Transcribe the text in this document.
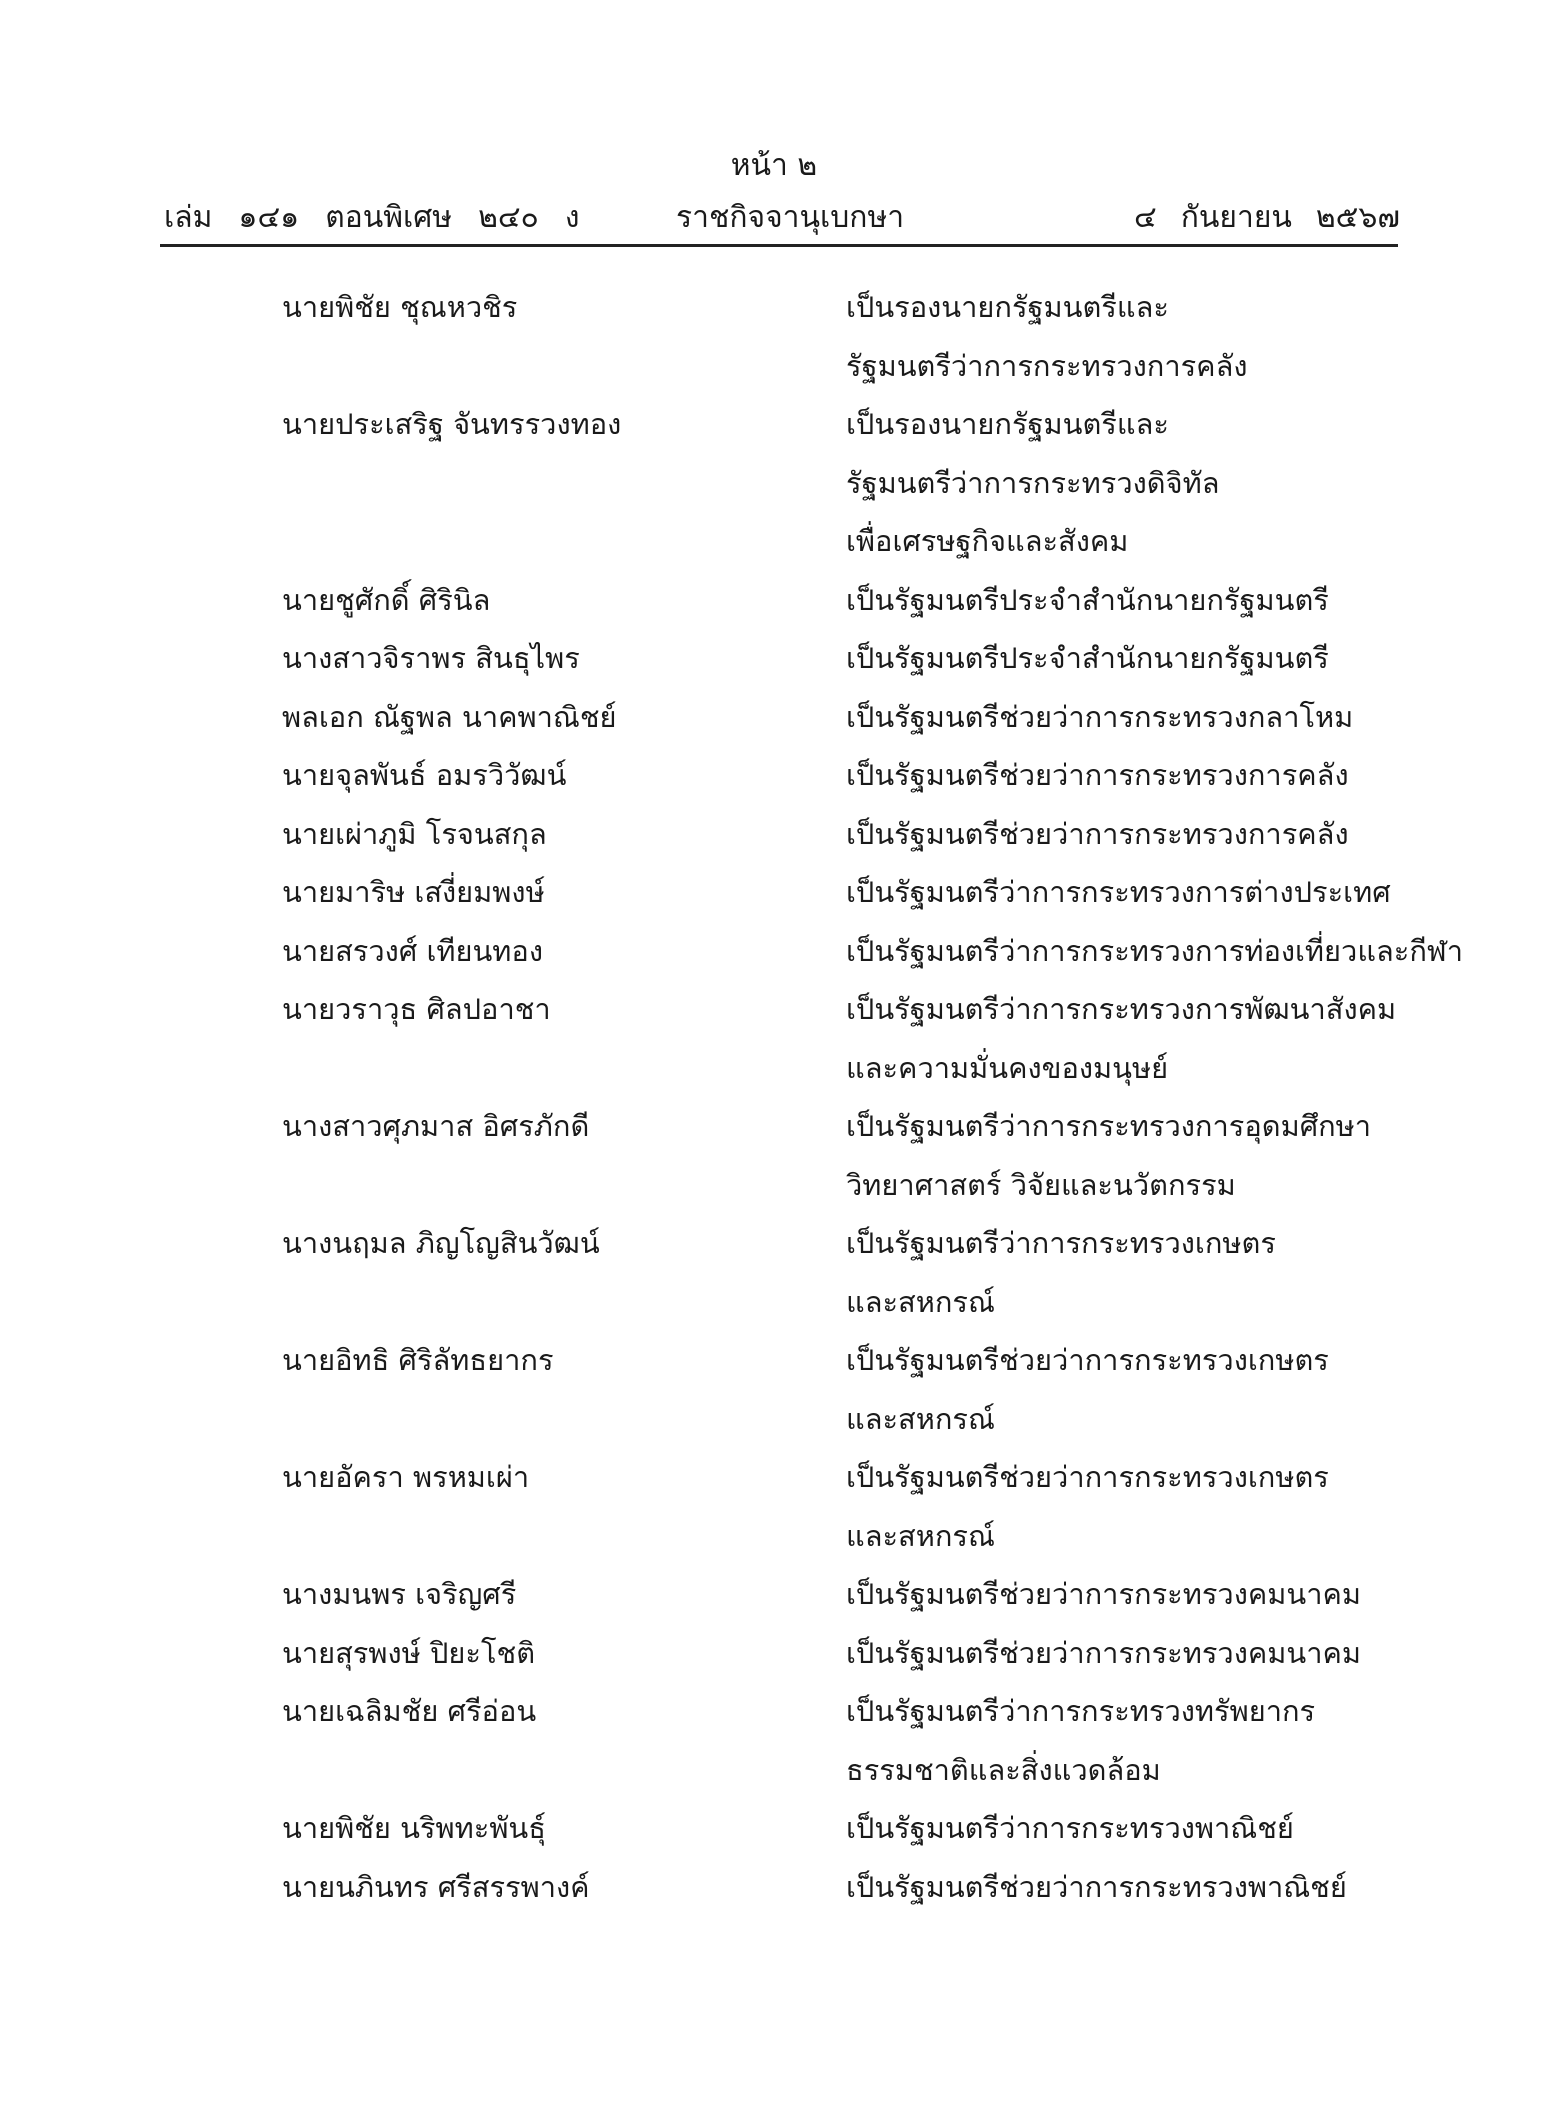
หน้า ๒
เล่ม ๑๔๑ ตอนพิเศษ ๒๔๐ ง	ราชกิจจานุเบกษา	๔ กันยายน ๒๕๖๗
นายพิชัย ชุณหวชิร	เป็นรองนายกรัฐมนตรีและ
รัฐมนตรีว่าการกระทรวงการคลัง
นายประเสริฐ จันทรรวงทอง	เป็นรองนายกรัฐมนตรีและ
รัฐมนตรีว่าการกระทรวงดิจิทัล
เพื่อเศรษฐกิจและสังคม
นายชูศักดิ์ ศิรินิล	เป็นรัฐมนตรีประจำสำนักนายกรัฐมนตรี
นางสาวจิราพร สินธุไพร	เป็นรัฐมนตรีประจำสำนักนายกรัฐมนตรี
พลเอก ณัฐพล นาคพาณิชย์	เป็นรัฐมนตรีช่วยว่าการกระทรวงกลาโหม
นายจุลพันธ์ อมรวิวัฒน์	เป็นรัฐมนตรีช่วยว่าการกระทรวงการคลัง
นายเผ่าภูมิ โรจนสกุล	เป็นรัฐมนตรีช่วยว่าการกระทรวงการคลัง
นายมาริษ เสงี่ยมพงษ์	เป็นรัฐมนตรีว่าการกระทรวงการต่างประเทศ
นายสรวงศ์ เทียนทอง	เป็นรัฐมนตรีว่าการกระทรวงการท่องเที่ยวและกีฬา
นายวราวุธ ศิลปอาชา	เป็นรัฐมนตรีว่าการกระทรวงการพัฒนาสังคม
และความมั่นคงของมนุษย์
นางสาวศุภมาส อิศรภักดี	เป็นรัฐมนตรีว่าการกระทรวงการอุดมศึกษา
วิทยาศาสตร์ วิจัยและนวัตกรรม
นางนฤมล ภิญโญสินวัฒน์	เป็นรัฐมนตรีว่าการกระทรวงเกษตร
และสหกรณ์
นายอิทธิ ศิริลัทธยากร	เป็นรัฐมนตรีช่วยว่าการกระทรวงเกษตร
และสหกรณ์
นายอัครา พรหมเผ่า	เป็นรัฐมนตรีช่วยว่าการกระทรวงเกษตร
และสหกรณ์
นางมนพร เจริญศรี	เป็นรัฐมนตรีช่วยว่าการกระทรวงคมนาคม
นายสุรพงษ์ ปิยะโชติ	เป็นรัฐมนตรีช่วยว่าการกระทรวงคมนาคม
นายเฉลิมชัย ศรีอ่อน	เป็นรัฐมนตรีว่าการกระทรวงทรัพยากร
ธรรมชาติและสิ่งแวดล้อม
นายพิชัย นริพทะพันธุ์	เป็นรัฐมนตรีว่าการกระทรวงพาณิชย์
นายนภินทร ศรีสรรพางค์	เป็นรัฐมนตรีช่วยว่าการกระทรวงพาณิชย์
